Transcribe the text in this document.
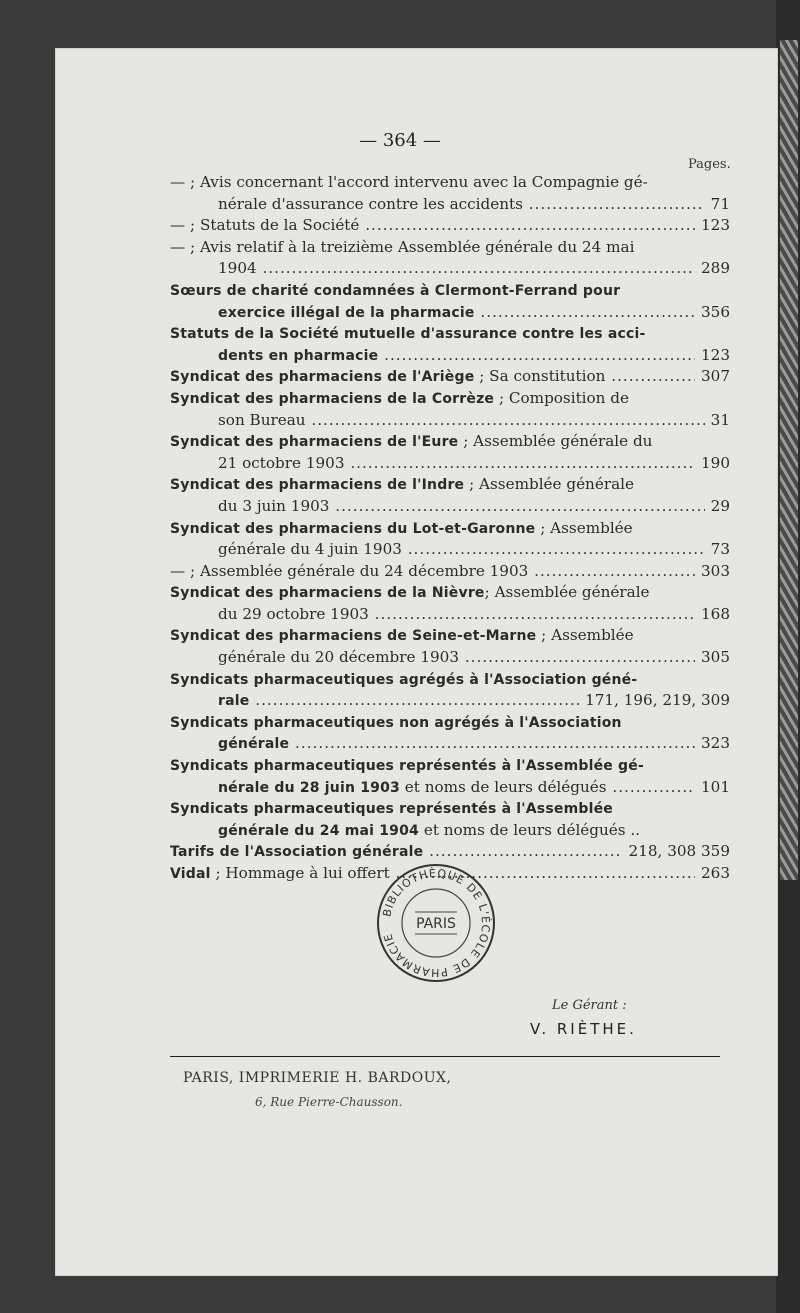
— 364 —
Pages.
— ; Avis concernant l'accord intervenu avec la Compagnie gé-
nérale d'assurance contre les accidents .....	71
— ; Statuts de la Société .....	123
— ; Avis relatif à la treizième Assemblée générale du 24 mai
1904 .....	289
Sœurs de charité condamnées à Clermont-Ferrand pour
exercice illégal de la pharmacie .....	356
Statuts de la Société mutuelle d'assurance contre les acci-
dents en pharmacie .....	123
Syndicat des pharmaciens de l'Ariège ; Sa constitution .....	307
Syndicat des pharmaciens de la Corrèze ; Composition de
son Bureau .....	31
Syndicat des pharmaciens de l'Eure ; Assemblée générale du
21 octobre 1903 .....	190
Syndicat des pharmaciens de l'Indre ; Assemblée générale
du 3 juin 1903 .....	29
Syndicat des pharmaciens du Lot-et-Garonne ; Assemblée
générale du 4 juin 1903 .....	73
— ; Assemblée générale du 24 décembre 1903 .....	303
Syndicat des pharmaciens de la Nièvre; Assemblée générale
du 29 octobre 1903 .....	168
Syndicat des pharmaciens de Seine-et-Marne ; Assemblée
générale du 20 décembre 1903 .....	305
Syndicats pharmaceutiques agrégés à l'Association géné-
rale .....	171, 196, 219, 309
Syndicats pharmaceutiques non agrégés à l'Association
générale .....	323
Syndicats pharmaceutiques représentés à l'Assemblée gé-
nérale du 28 juin 1903 et noms de leurs délégués .....	101
Syndicats pharmaceutiques représentés à l'Assemblée
générale du 24 mai 1904 et noms de leurs délégués ..
Tarifs de l'Association générale .....	218, 308 359
Vidal ; Hommage à lui offert .....	263
BIBLIOTHÈQUE DE L'ÉCOLE DE PHARMACIE
PARIS
Le Gérant :
V. RIÈTHE.
PARIS, IMPRIMERIE H. BARDOUX,
6, Rue Pierre-Chausson.
